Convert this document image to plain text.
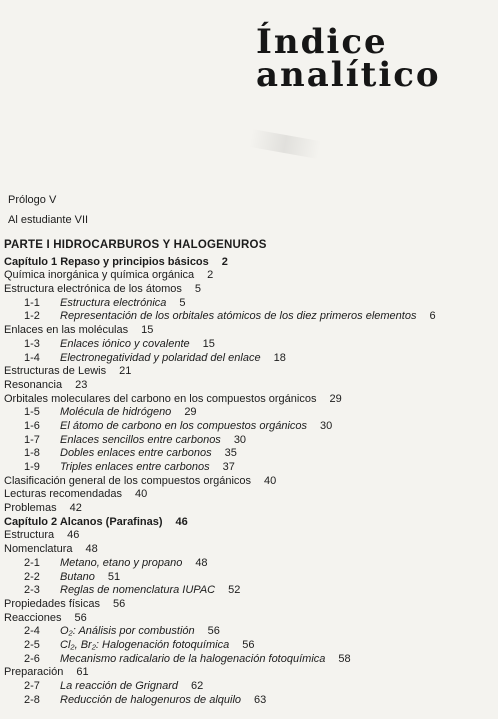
Índice
analítico
Prólogo V
Al estudiante VII
PARTE I HIDROCARBUROS Y HALOGENUROS
Capítulo 1 Repaso y principios básicos 2
Química inorgánica y química orgánica 2
Estructura electrónica de los átomos 5
1-1 Estructura electrónica 5
1-2 Representación de los orbitales atómicos de los diez primeros elementos 6
Enlaces en las moléculas 15
1-3 Enlaces iónico y covalente 15
1-4 Electronegatividad y polaridad del enlace 18
Estructuras de Lewis 21
Resonancia 23
Orbitales moleculares del carbono en los compuestos orgánicos 29
1-5 Molécula de hidrógeno 29
1-6 El átomo de carbono en los compuestos orgánicos 30
1-7 Enlaces sencillos entre carbonos 30
1-8 Dobles enlaces entre carbonos 35
1-9 Triples enlaces entre carbonos 37
Clasificación general de los compuestos orgánicos 40
Lecturas recomendadas 40
Problemas 42
Capítulo 2 Alcanos (Parafinas) 46
Estructura 46
Nomenclatura 48
2-1 Metano, etano y propano 48
2-2 Butano 51
2-3 Reglas de nomenclatura IUPAC 52
Propiedades físicas 56
Reacciones 56
2-4 O₂: Análisis por combustión 56
2-5 Cl₂, Br₂: Halogenación fotoquímica 56
2-6 Mecanismo radicalario de la halogenación fotoquímica 58
Preparación 61
2-7 La reacción de Grignard 62
2-8 Reducción de halogenuros de alquilo 63
